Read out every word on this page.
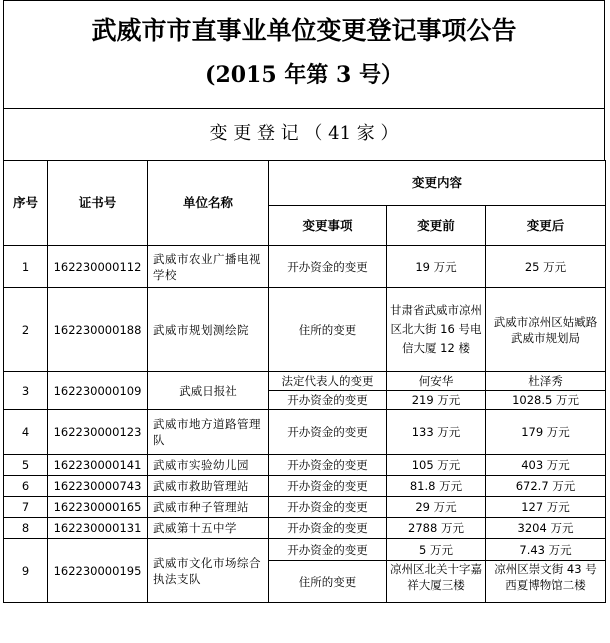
武威市市直事业单位变更登记事项公告
(2015 年第 3 号）
变 更 登 记 （ 41 家 ）
序号	证书号	单位名称	变更内容		
			变更事项	变更前	变更后
1	162230000112	武威市农业广播电视学校	开办资金的变更	19 万元	25 万元
2	162230000188	武威市规划测绘院	住所的变更	甘肃省武威市凉州区北大街 16 号电信大厦 12 楼	武威市凉州区姑臧路武威市规划局
3	162230000109	武威日报社	法定代表人的变更	何安华	杜泽秀
			开办资金的变更	219 万元	1028.5 万元
4	162230000123	武威市地方道路管理队	开办资金的变更	133 万元	179 万元
5	162230000141	武威市实验幼儿园	开办资金的变更	105 万元	403 万元
6	162230000743	武威市救助管理站	开办资金的变更	81.8 万元	672.7 万元
7	162230000165	武威市种子管理站	开办资金的变更	29 万元	127 万元
8	162230000131	武威第十五中学	开办资金的变更	2788 万元	3204 万元
9	162230000195	武威市文化市场综合执法支队	开办资金的变更	5 万元	7.43 万元
			住所的变更	凉州区北关十字嘉祥大厦三楼	凉州区崇文街 43 号西夏博物馆二楼
